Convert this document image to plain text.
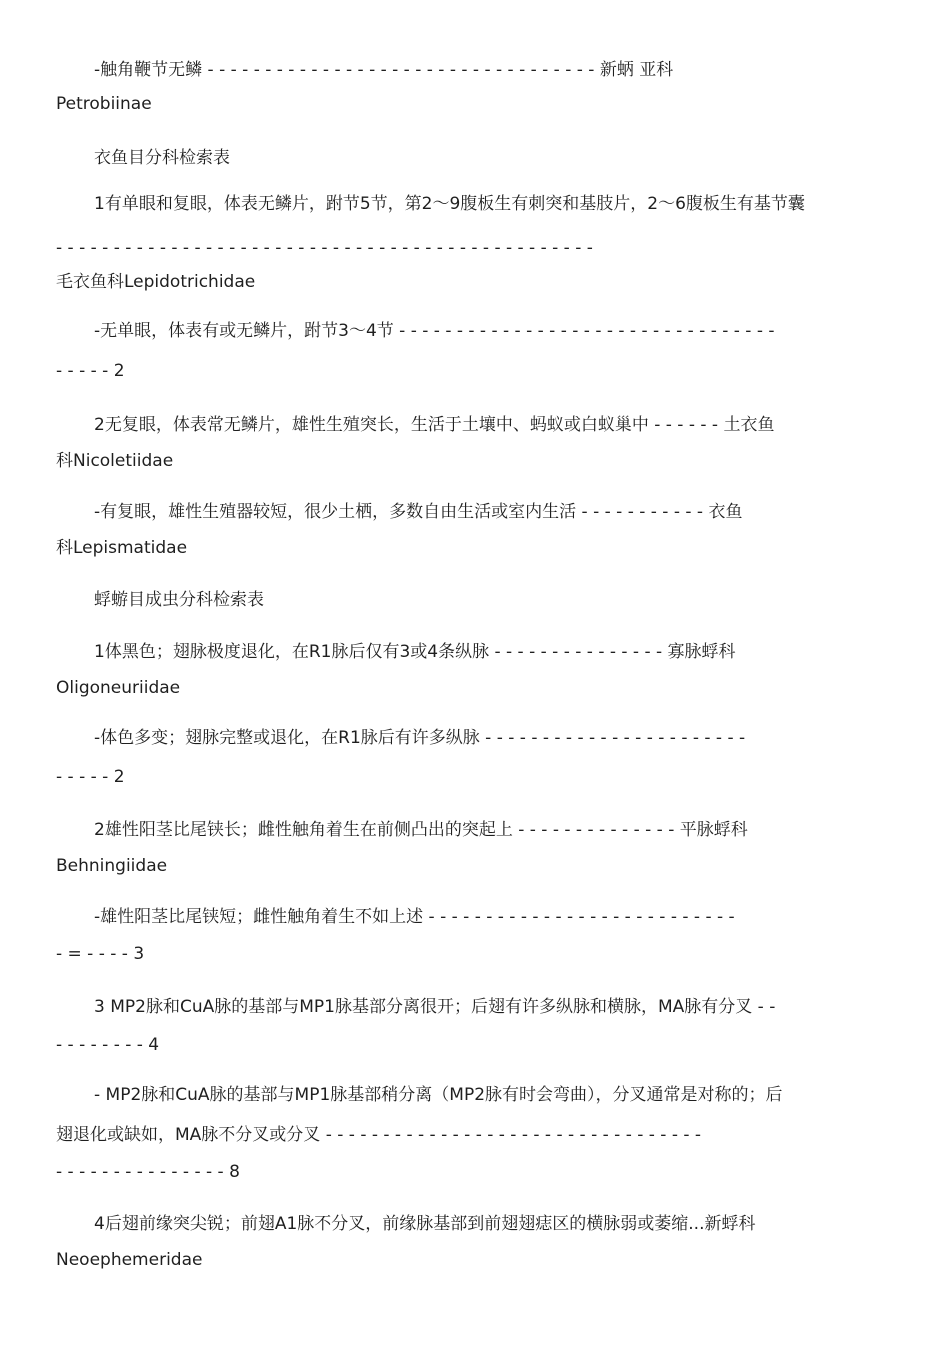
-触角鞭节无鳞 - - - - - - - - - - - - - - - - - - - - - - - - - - - - - - - - - - 新蛃 亚科
Petrobiinae
衣鱼目分科检索表
1有单眼和复眼，体表无鳞片，跗节5节，第2～9腹板生有刺突和基肢片，2～6腹板生有基节囊
- - - - - - - - - - - - - - - - - - - - - - - - - - - - - - - - - - - - - - - - - - - - - - -
毛衣鱼科Lepidotrichidae
-无单眼，体表有或无鳞片，跗节3～4节 - - - - - - - - - - - - - - - - - - - - - - - - - - - - - - - - -
- - - - - 2
2无复眼，体表常无鳞片，雄性生殖突长，生活于土壤中、蚂蚁或白蚁巢中 - - - - - - 土衣鱼
科Nicoletiidae
-有复眼，雄性生殖器较短，很少土栖，多数自由生活或室内生活 - - - - - - - - - - - 衣鱼
科Lepismatidae
蜉蝣目成虫分科检索表
1体黑色；翅脉极度退化，在R1脉后仅有3或4条纵脉 - - - - - - - - - - - - - - - 寡脉蜉科
Oligoneuriidae
-体色多变；翅脉完整或退化，在R1脉后有许多纵脉 - - - - - - - - - - - - - - - - - - - - - - -
- - - - - 2
2雄性阳茎比尾铗长；雌性触角着生在前侧凸出的突起上 - - - - - - - - - - - - - - 平脉蜉科
Behningiidae
-雄性阳茎比尾铗短；雌性触角着生不如上述 - - - - - - - - - - - - - - - - - - - - - - - - - - -
- = - - - - 3
3 MP2脉和CuA脉的基部与MP1脉基部分离很开；后翅有许多纵脉和横脉，MA脉有分叉 - -
- - - - - - - - 4
- MP2脉和CuA脉的基部与MP1脉基部稍分离（MP2脉有时会弯曲），分叉通常是对称的；后
翅退化或缺如，MA脉不分叉或分叉 - - - - - - - - - - - - - - - - - - - - - - - - - - - - - - - - -
- - - - - - - - - - - - - - - 8
4后翅前缘突尖锐；前翅A1脉不分叉，前缘脉基部到前翅翅痣区的横脉弱或萎缩...新蜉科
Neoephemeridae
